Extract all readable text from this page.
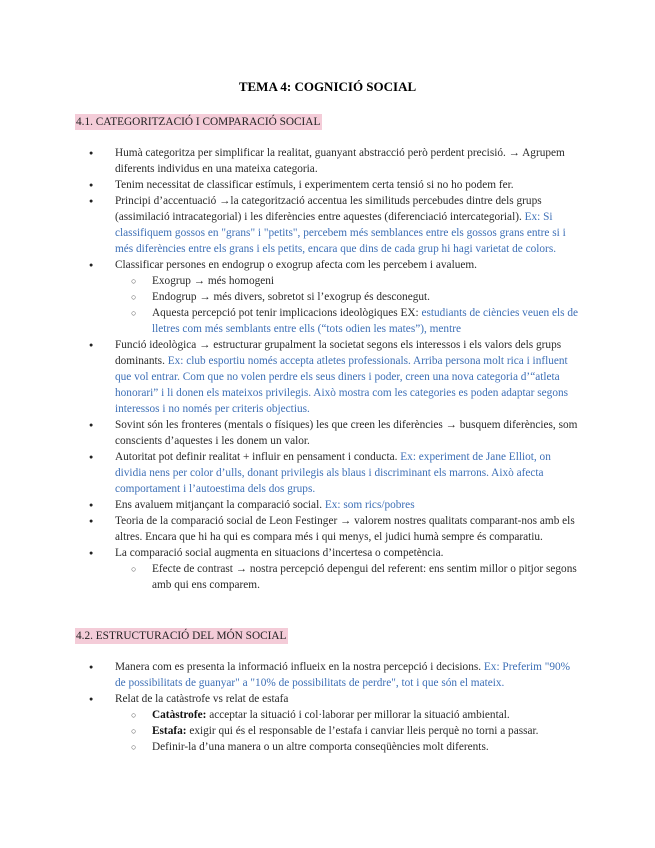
TEMA 4: COGNICIÓ SOCIAL
4.1. CATEGORITZACIÓ I COMPARACIÓ SOCIAL
● Humà categoritza per simplificar la realitat, guanyant abstracció però perdent precisió. → Agrupem diferents individus en una mateixa categoria.
● Tenim necessitat de classificar estímuls, i experimentem certa tensió si no ho podem fer.
● Principi d’accentuació →la categorització accentua les similituds percebudes dintre dels grups (assimilació intracategorial) i les diferències entre aquestes (diferenciació intercategorial). Ex: Si classifiquem gossos en "grans" i "petits", percebem més semblances entre els gossos grans entre si i més diferències entre els grans i els petits, encara que dins de cada grup hi hagi varietat de colors.
● Classificar persones en endogrup o exogrup afecta com les percebem i avaluem.
○ Exogrup → més homogeni
○ Endogrup → més divers, sobretot si l’exogrup és desconegut.
○ Aquesta percepció pot tenir implicacions ideològiques EX: estudiants de ciències veuen els de lletres com més semblants entre ells (“tots odien les mates”), mentre
● Funció ideològica → estructurar grupalment la societat segons els interessos i els valors dels grups dominants. Ex: club esportiu només accepta atletes professionals. Arriba persona molt rica i influent que vol entrar. Com que no volen perdre els seus diners i poder, creen una nova categoria d’“atleta honorari” i li donen els mateixos privilegis. Això mostra com les categories es poden adaptar segons interessos i no només per criteris objectius.
● Sovint són les fronteres (mentals o físiques) les que creen les diferències → busquem diferències, som conscients d’aquestes i les donem un valor.
● Autoritat pot definir realitat + influir en pensament i conducta. Ex: experiment de Jane Elliot, on dividia nens per color d’ulls, donant privilegis als blaus i discriminant els marrons. Això afecta comportament i l’autoestima dels dos grups.
● Ens avaluem mitjançant la comparació social. Ex: som rics/pobres
● Teoria de la comparació social de Leon Festinger → valorem nostres qualitats comparant-nos amb els altres. Encara que hi ha qui es compara més i qui menys, el judici humà sempre és comparatiu.
● La comparació social augmenta en situacions d’incertesa o competència.
○ Efecte de contrast → nostra percepció depengui del referent: ens sentim millor o pitjor segons amb qui ens comparem.
4.2. ESTRUCTURACIÓ DEL MÓN SOCIAL
● Manera com es presenta la informació influeix en la nostra percepció i decisions. Ex: Preferim "90% de possibilitats de guanyar" a "10% de possibilitats de perdre", tot i que són el mateix.
● Relat de la catàstrofe vs relat de estafa
○ Catàstrofe: acceptar la situació i col·laborar per millorar la situació ambiental.
○ Estafa: exigir qui és el responsable de l’estafa i canviar lleis perquè no torni a passar.
○ Definir-la d’una manera o un altre comporta conseqüències molt diferents.
